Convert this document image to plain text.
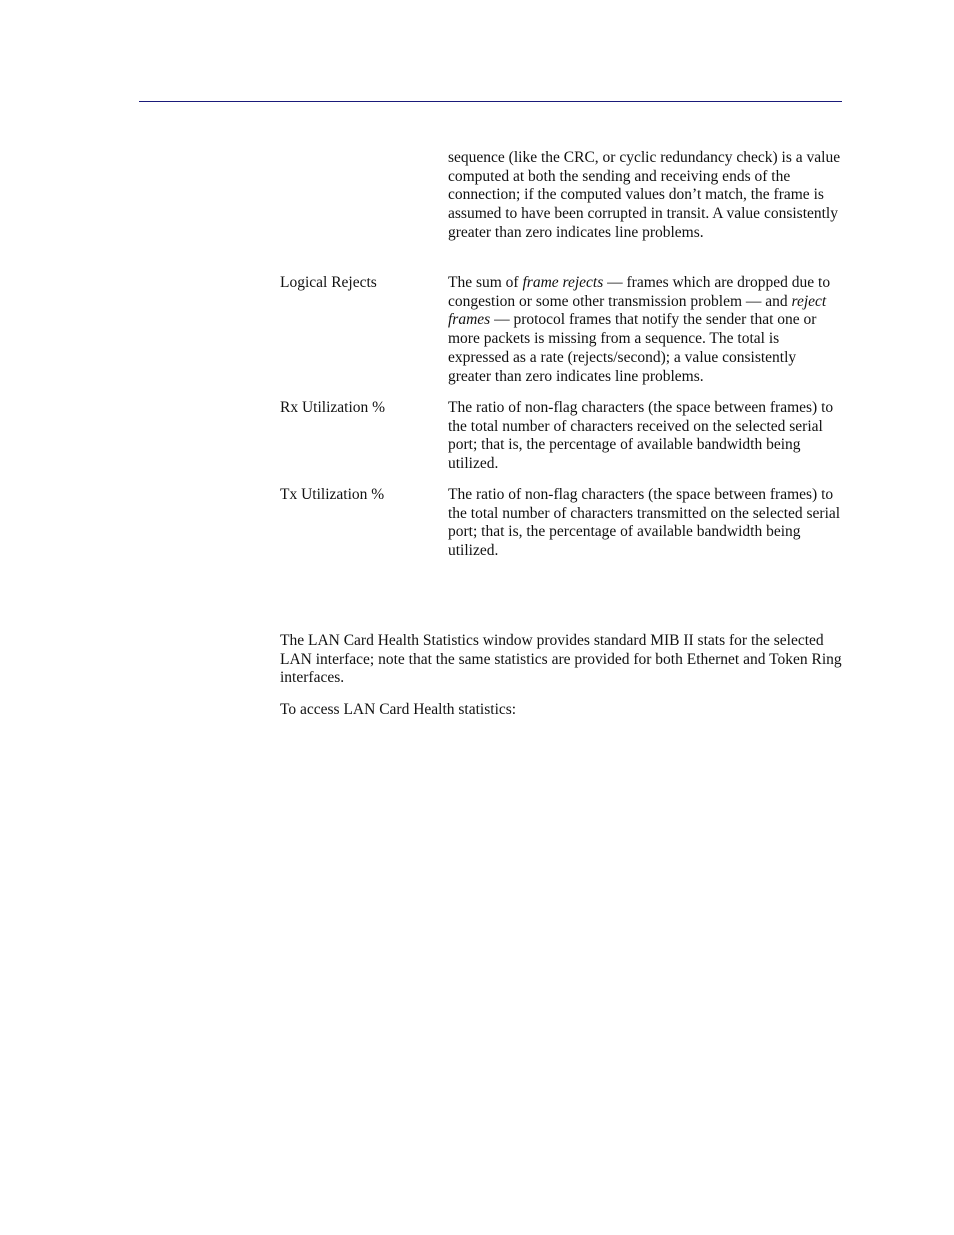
sequence (like the CRC, or cyclic redundancy check) is a value computed at both the sending and receiving ends of the connection; if the computed values don’t match, the frame is assumed to have been corrupted in transit. A value consistently greater than zero indicates line problems.
Logical Rejects	The sum of frame rejects — frames which are dropped due to congestion or some other transmission problem — and reject frames — protocol frames that notify the sender that one or more packets is missing from a sequence. The total is expressed as a rate (rejects/second); a value consistently greater than zero indicates line problems.
Rx Utilization %	The ratio of non-flag characters (the space between frames) to the total number of characters received on the selected serial port; that is, the percentage of available bandwidth being utilized.
Tx Utilization %	The ratio of non-flag characters (the space between frames) to the total number of characters transmitted on the selected serial port; that is, the percentage of available bandwidth being utilized.
The LAN Card Health Statistics window provides standard MIB II stats for the selected LAN interface; note that the same statistics are provided for both Ethernet and Token Ring interfaces.
To access LAN Card Health statistics:
